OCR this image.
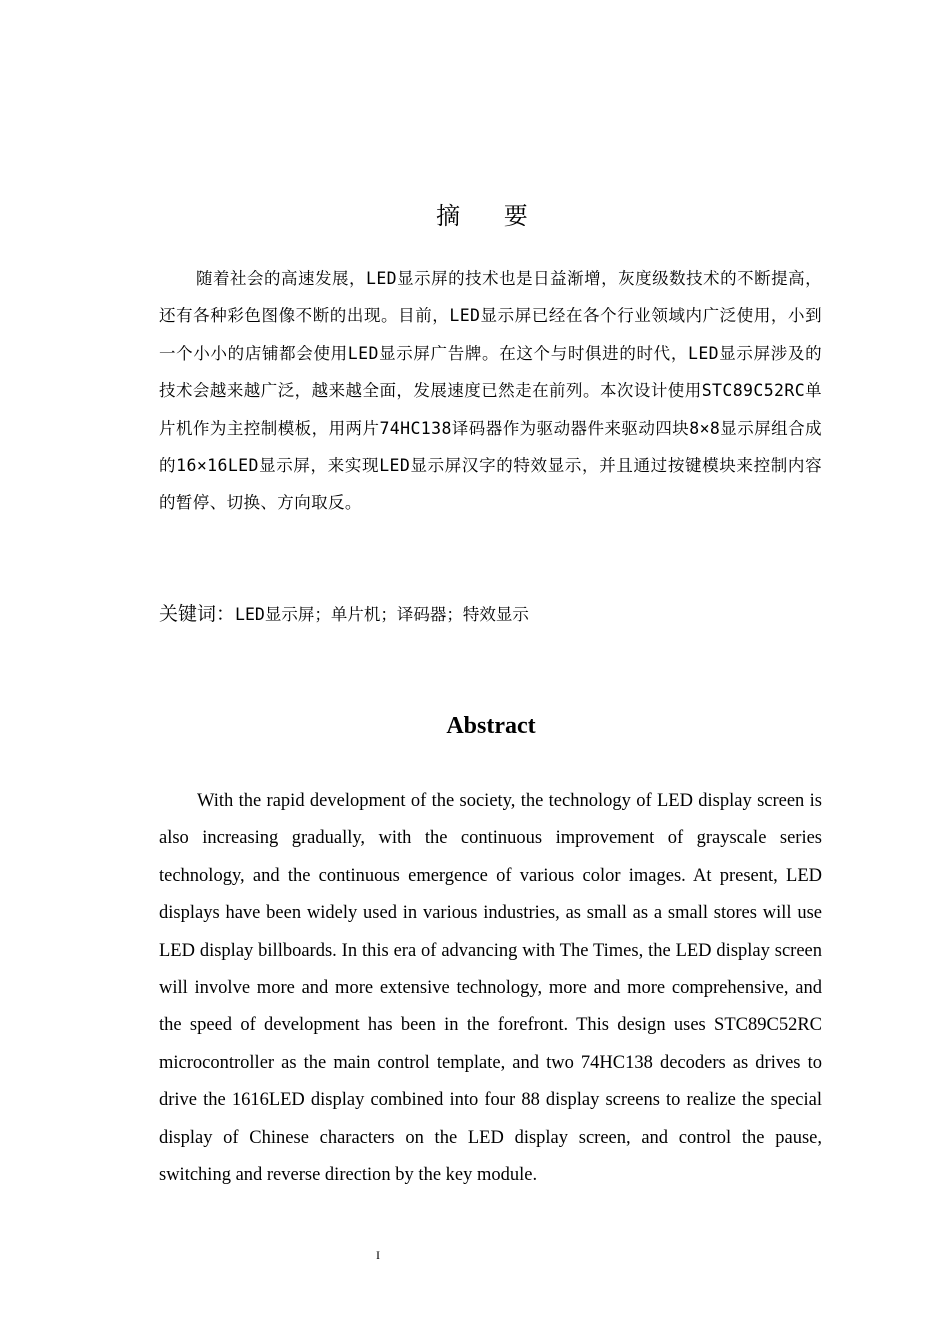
摘 要

随着社会的高速发展，LED显示屏的技术也是日益渐增，灰度级数技术的不断提高，还有各种彩色图像不断的出现。目前，LED显示屏已经在各个行业领域内广泛使用，小到一个小小的店铺都会使用LED显示屏广告牌。在这个与时俱进的时代，LED显示屏涉及的技术会越来越广泛，越来越全面，发展速度已然走在前列。本次设计使用STC89C52RC单片机作为主控制模板，用两片74HC138译码器作为驱动器件来驱动四块8×8显示屏组合成的16×16LED显示屏，来实现LED显示屏汉字的特效显示，并且通过按键模块来控制内容的暂停、切换、方向取反。

关键词：LED显示屏；单片机；译码器；特效显示

Abstract

With the rapid development of the society, the technology of LED display screen is also increasing gradually, with the continuous improvement of grayscale series technology, and the continuous emergence of various color images. At present, LED displays have been widely used in various industries, as small as a small stores will use LED display billboards. In this era of advancing with The Times, the LED display screen will involve more and more extensive technology, more and more comprehensive, and the speed of development has been in the forefront. This design uses STC89C52RC microcontroller as the main control template, and two 74HC138 decoders as drives to drive the 1616LED display combined into four 88 display screens to realize the special display of Chinese characters on the LED display screen, and control the pause, switching and reverse direction by the key module.

I
